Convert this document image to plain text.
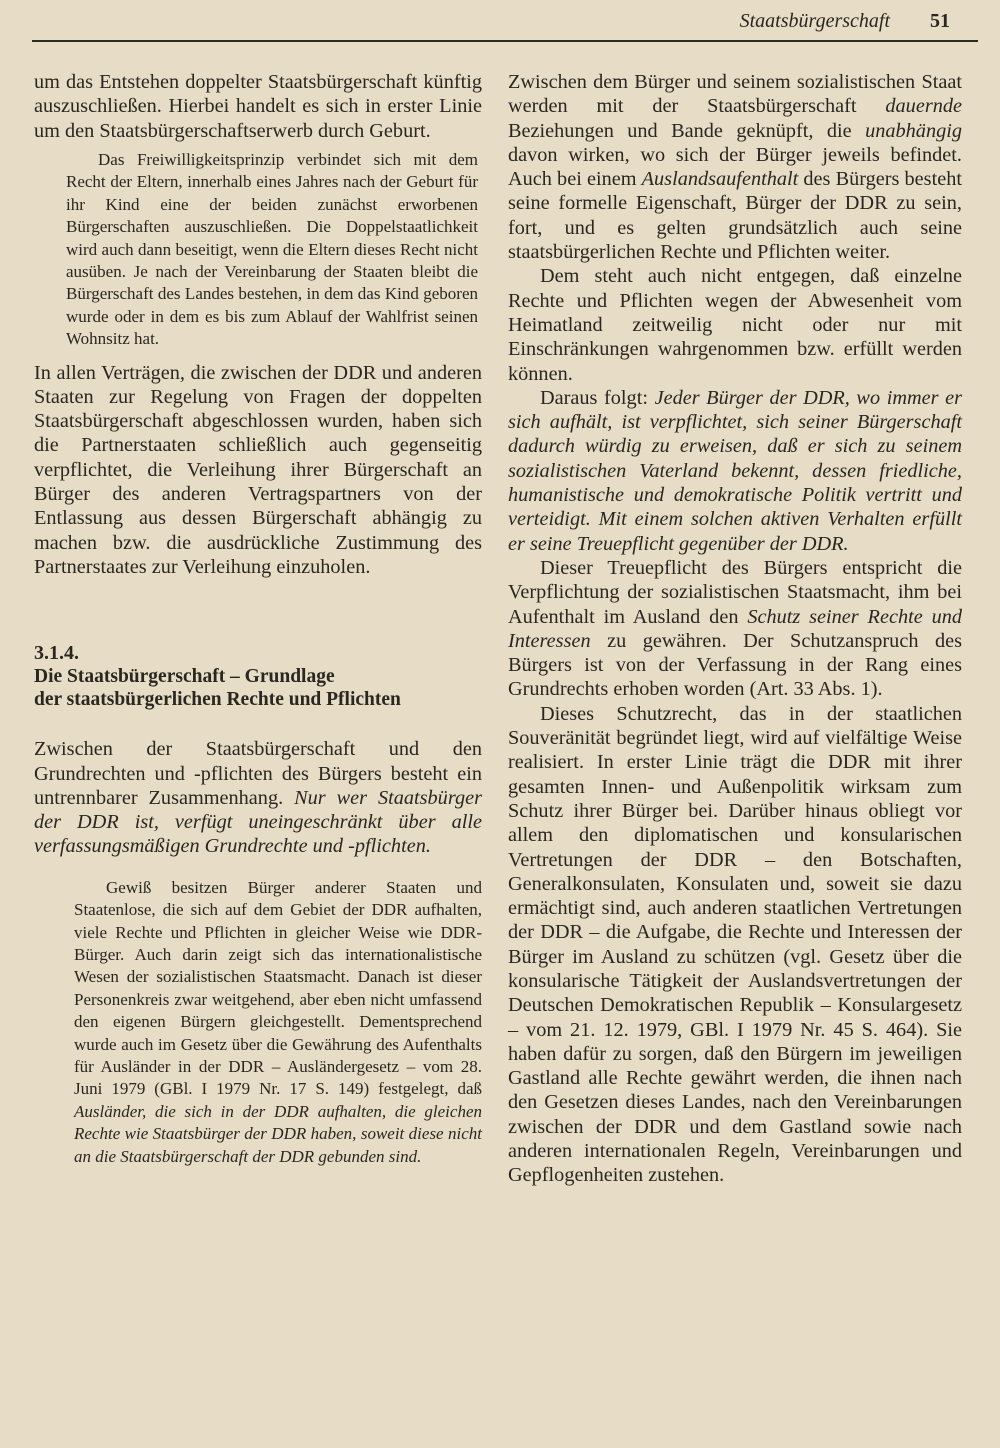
Staatsbürgerschaft 51

um das Entstehen doppelter Staatsbürgerschaft künftig auszuschließen. Hierbei handelt es sich in erster Linie um den Staatsbürgerschaftserwerb durch Geburt.

Das Freiwilligkeitsprinzip verbindet sich mit dem Recht der Eltern, innerhalb eines Jahres nach der Geburt für ihr Kind eine der beiden zunächst erworbenen Bürgerschaften auszuschließen. Die Doppelstaatlichkeit wird auch dann beseitigt, wenn die Eltern dieses Recht nicht ausüben. Je nach der Vereinbarung der Staaten bleibt die Bürgerschaft des Landes bestehen, in dem das Kind geboren wurde oder in dem es bis zum Ablauf der Wahlfrist seinen Wohnsitz hat.

In allen Verträgen, die zwischen der DDR und anderen Staaten zur Regelung von Fragen der doppelten Staatsbürgerschaft abgeschlossen wurden, haben sich die Partnerstaaten schließlich auch gegenseitig verpflichtet, die Verleihung ihrer Bürgerschaft an Bürger des anderen Vertragspartners von der Entlassung aus dessen Bürgerschaft abhängig zu machen bzw. die ausdrückliche Zustimmung des Partnerstaates zur Verleihung einzuholen.

3.1.4.
Die Staatsbürgerschaft – Grundlage
der staatsbürgerlichen Rechte und Pflichten

Zwischen der Staatsbürgerschaft und den Grundrechten und -pflichten des Bürgers besteht ein untrennbarer Zusammenhang. Nur wer Staatsbürger der DDR ist, verfügt uneingeschränkt über alle verfassungsmäßigen Grundrechte und -pflichten.

Gewiß besitzen Bürger anderer Staaten und Staatenlose, die sich auf dem Gebiet der DDR aufhalten, viele Rechte und Pflichten in gleicher Weise wie DDR-Bürger. Auch darin zeigt sich das internationalistische Wesen der sozialistischen Staatsmacht. Danach ist dieser Personenkreis zwar weitgehend, aber eben nicht umfassend den eigenen Bürgern gleichgestellt. Dementsprechend wurde auch im Gesetz über die Gewährung des Aufenthalts für Ausländer in der DDR – Ausländergesetz – vom 28. Juni 1979 (GBl. I 1979 Nr. 17 S. 149) festgelegt, daß Ausländer, die sich in der DDR aufhalten, die gleichen Rechte wie Staatsbürger der DDR haben, soweit diese nicht an die Staatsbürgerschaft der DDR gebunden sind.

Zwischen dem Bürger und seinem sozialistischen Staat werden mit der Staatsbürgerschaft dauernde Beziehungen und Bande geknüpft, die unabhängig davon wirken, wo sich der Bürger jeweils befindet. Auch bei einem Auslandsaufenthalt des Bürgers besteht seine formelle Eigenschaft, Bürger der DDR zu sein, fort, und es gelten grundsätzlich auch seine staatsbürgerlichen Rechte und Pflichten weiter.

Dem steht auch nicht entgegen, daß einzelne Rechte und Pflichten wegen der Abwesenheit vom Heimatland zeitweilig nicht oder nur mit Einschränkungen wahrgenommen bzw. erfüllt werden können.

Daraus folgt: Jeder Bürger der DDR, wo immer er sich aufhält, ist verpflichtet, sich seiner Bürgerschaft dadurch würdig zu erweisen, daß er sich zu seinem sozialistischen Vaterland bekennt, dessen friedliche, humanistische und demokratische Politik vertritt und verteidigt. Mit einem solchen aktiven Verhalten erfüllt er seine Treuepflicht gegenüber der DDR.

Dieser Treuepflicht des Bürgers entspricht die Verpflichtung der sozialistischen Staatsmacht, ihm bei Aufenthalt im Ausland den Schutz seiner Rechte und Interessen zu gewähren. Der Schutzanspruch des Bürgers ist von der Verfassung in der Rang eines Grundrechts erhoben worden (Art. 33 Abs. 1).

Dieses Schutzrecht, das in der staatlichen Souveränität begründet liegt, wird auf vielfältige Weise realisiert. In erster Linie trägt die DDR mit ihrer gesamten Innen- und Außenpolitik wirksam zum Schutz ihrer Bürger bei. Darüber hinaus obliegt vor allem den diplomatischen und konsularischen Vertretungen der DDR – den Botschaften, Generalkonsulaten, Konsulaten und, soweit sie dazu ermächtigt sind, auch anderen staatlichen Vertretungen der DDR – die Aufgabe, die Rechte und Interessen der Bürger im Ausland zu schützen (vgl. Gesetz über die konsularische Tätigkeit der Auslandsvertretungen der Deutschen Demokratischen Republik – Konsulargesetz – vom 21. 12. 1979, GBl. I 1979 Nr. 45 S. 464). Sie haben dafür zu sorgen, daß den Bürgern im jeweiligen Gastland alle Rechte gewährt werden, die ihnen nach den Gesetzen dieses Landes, nach den Vereinbarungen zwischen der DDR und dem Gastland sowie nach anderen internationalen Regeln, Vereinbarungen und Gepflogenheiten zustehen.
